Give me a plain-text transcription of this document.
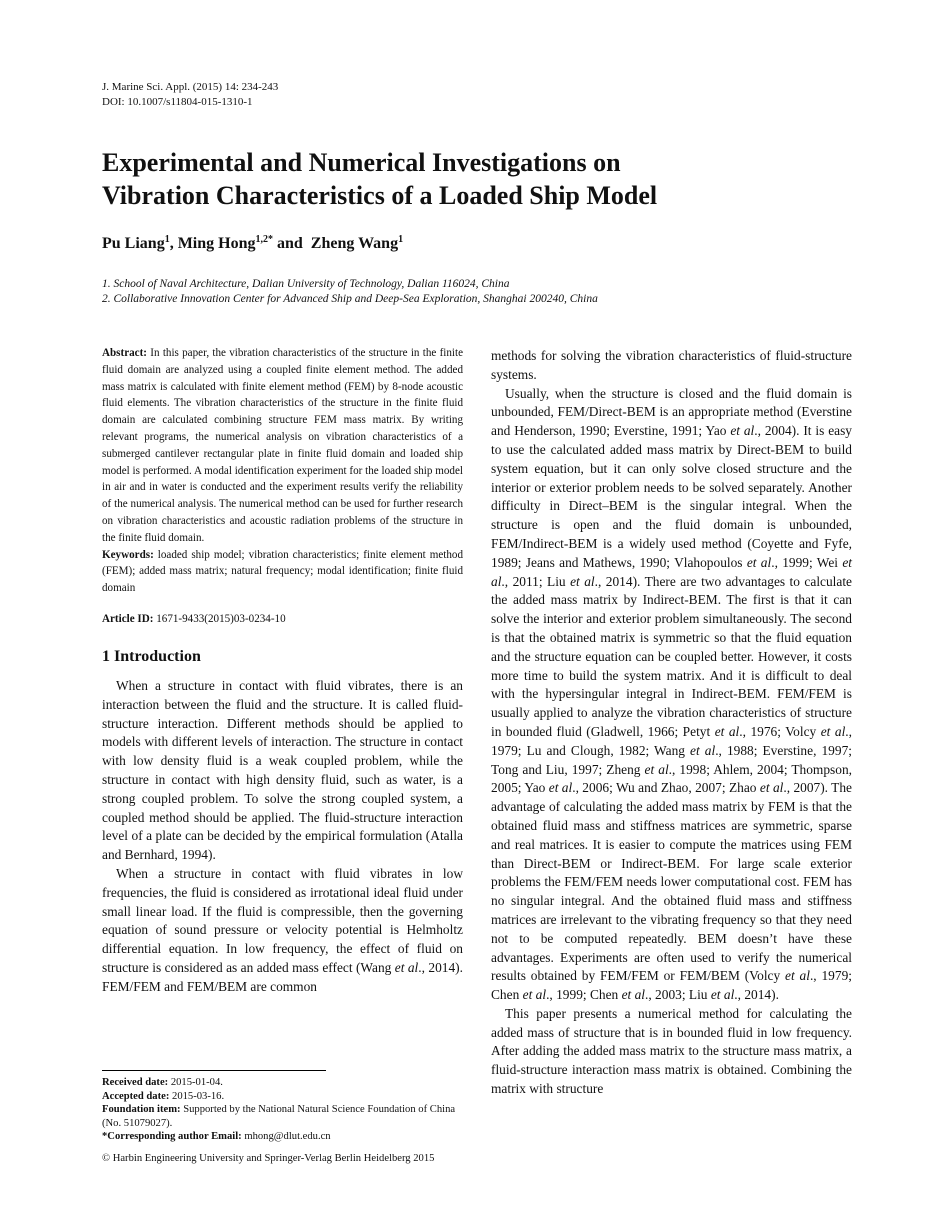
J. Marine Sci. Appl. (2015) 14: 234-243
DOI: 10.1007/s11804-015-1310-1
Experimental and Numerical Investigations on
Vibration Characteristics of a Loaded Ship Model
Pu Liang$^1$, Ming Hong$^{1,2*}$ and  Zheng Wang$^1$
1. School of Naval Architecture, Dalian University of Technology, Dalian 116024, China
2. Collaborative Innovation Center for Advanced Ship and Deep-Sea Exploration, Shanghai 200240, China

Abstract: In this paper, the vibration characteristics of the structure in the finite fluid domain are analyzed using a coupled finite element method. The added mass matrix is calculated with finite element method (FEM) by 8-node acoustic fluid elements. The vibration characteristics of the structure in the finite fluid domain are calculated combining structure FEM mass matrix. By writing relevant programs, the numerical analysis on vibration characteristics of a submerged cantilever rectangular plate in finite fluid domain and loaded ship model is performed. A modal identification experiment for the loaded ship model in air and in water is conducted and the experiment results verify the reliability of the numerical analysis. The numerical method can be used for further research on vibration characteristics and acoustic radiation problems of the structure in the finite fluid domain.

Keywords: loaded ship model; vibration characteristics; finite element method (FEM); added mass matrix; natural frequency; modal identification; finite fluid domain

Article ID: 1671-9433(2015)03-0234-10

1 Introduction

When a structure in contact with fluid vibrates, there is an interaction between the fluid and the structure. It is called fluid-structure interaction. Different methods should be applied to models with different levels of interaction. The structure in contact with low density fluid is a weak coupled problem, while the structure in contact with high density fluid, such as water, is a strong coupled problem. To solve the strong coupled system, a coupled method should be applied. The fluid-structure interaction level of a plate can be decided by the empirical formulation (Atalla and Bernhard, 1994).

When a structure in contact with fluid vibrates in low frequencies, the fluid is considered as irrotational ideal fluid under small linear load. If the fluid is compressible, then the governing equation of sound pressure or velocity potential is Helmholtz differential equation. In low frequency, the effect of fluid on structure is considered as an added mass effect (Wang et al., 2014). FEM/FEM and FEM/BEM are common

methods for solving the vibration characteristics of fluid-structure systems.

Usually, when the structure is closed and the fluid domain is unbounded, FEM/Direct-BEM is an appropriate method (Everstine and Henderson, 1990; Everstine, 1991; Yao et al., 2004). It is easy to use the calculated added mass matrix by Direct-BEM to build system equation, but it can only solve closed structure and the interior or exterior problem needs to be solved separately. Another difficulty in Direct–BEM is the singular integral. When the structure is open and the fluid domain is unbounded, FEM/Indirect-BEM is a widely used method (Coyette and Fyfe, 1989; Jeans and Mathews, 1990; Vlahopoulos et al., 1999; Wei et al., 2011; Liu et al., 2014). There are two advantages to calculate the added mass matrix by Indirect-BEM. The first is that it can solve the interior and exterior problem simultaneously. The second is that the obtained matrix is symmetric so that the fluid equation and the structure equation can be coupled better. However, it costs more time to build the system matrix. And it is difficult to deal with the hypersingular integral in Indirect-BEM. FEM/FEM is usually applied to analyze the vibration characteristics of structure in bounded fluid (Gladwell, 1966; Petyt et al., 1976; Volcy et al., 1979; Lu and Clough, 1982; Wang et al., 1988; Everstine, 1997; Tong and Liu, 1997; Zheng et al., 1998; Ahlem, 2004; Thompson, 2005; Yao et al., 2006; Wu and Zhao, 2007; Zhao et al., 2007). The advantage of calculating the added mass matrix by FEM is that the obtained fluid mass and stiffness matrices are symmetric, sparse and real matrices. It is easier to compute the matrices using FEM than Direct-BEM or Indirect-BEM. For large scale exterior problems the FEM/FEM needs lower computational cost. FEM has no singular integral. And the obtained fluid mass and stiffness matrices are irrelevant to the vibrating frequency so that they need not to be computed repeatedly. BEM doesn’t have these advantages. Experiments are often used to verify the numerical results obtained by FEM/FEM or FEM/BEM (Volcy et al., 1979; Chen et al., 1999; Chen et al., 2003; Liu et al., 2014).

This paper presents a numerical method for calculating the added mass of structure that is in bounded fluid in low frequency. After adding the added mass matrix to the structure mass matrix, a fluid-structure interaction mass matrix is obtained. Combining the matrix with structure

Received date: 2015-01-04.
Accepted date: 2015-03-16.
Foundation item: Supported by the National Natural Science Foundation of China (No. 51079027).
*Corresponding author Email: mhong@dlut.edu.cn
© Harbin Engineering University and Springer-Verlag Berlin Heidelberg 2015
